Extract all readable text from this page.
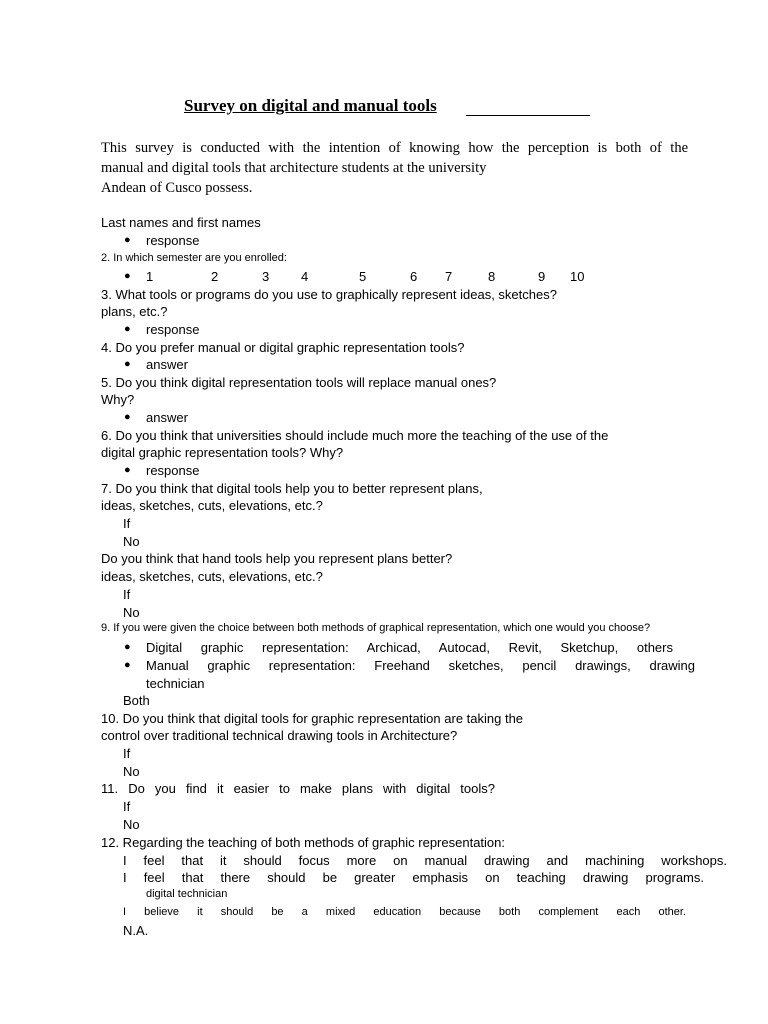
Survey on digital and manual tools
This survey is conducted with the intention of knowing how the perception is both of the
manual and digital tools that architecture students at the university
Andean of Cusco possess.
Last names and first names
● response
2. In which semester are you enrolled:
● 1	2	3 4	5	6 7	8	9 10
3. What tools or programs do you use to graphically represent ideas, sketches?
plans, etc.?
● response
4. Do you prefer manual or digital graphic representation tools?
● answer
5. Do you think digital representation tools will replace manual ones?
Why?
● answer
6. Do you think that universities should include much more the teaching of the use of the
digital graphic representation tools? Why?
● response
7. Do you think that digital tools help you to better represent plans,
ideas, sketches, cuts, elevations, etc.?
If
No
Do you think that hand tools help you represent plans better?
ideas, sketches, cuts, elevations, etc.?
If
No
9. If you were given the choice between both methods of graphical representation, which one would you choose?
● Digital graphic representation: Archicad, Autocad, Revit, Sketchup, others
● Manual graphic representation: Freehand sketches, pencil drawings, drawing
technician
Both
10. Do you think that digital tools for graphic representation are taking the
control over traditional technical drawing tools in Architecture?
If
No
11. Do you find it easier to make plans with digital tools?
If
No
12. Regarding the teaching of both methods of graphic representation:
I feel that it should focus more on manual drawing and machining workshops.
I feel that there should be greater emphasis on teaching drawing programs.
digital technician
I believe it should be a mixed education because both complement each other.
N.A.
